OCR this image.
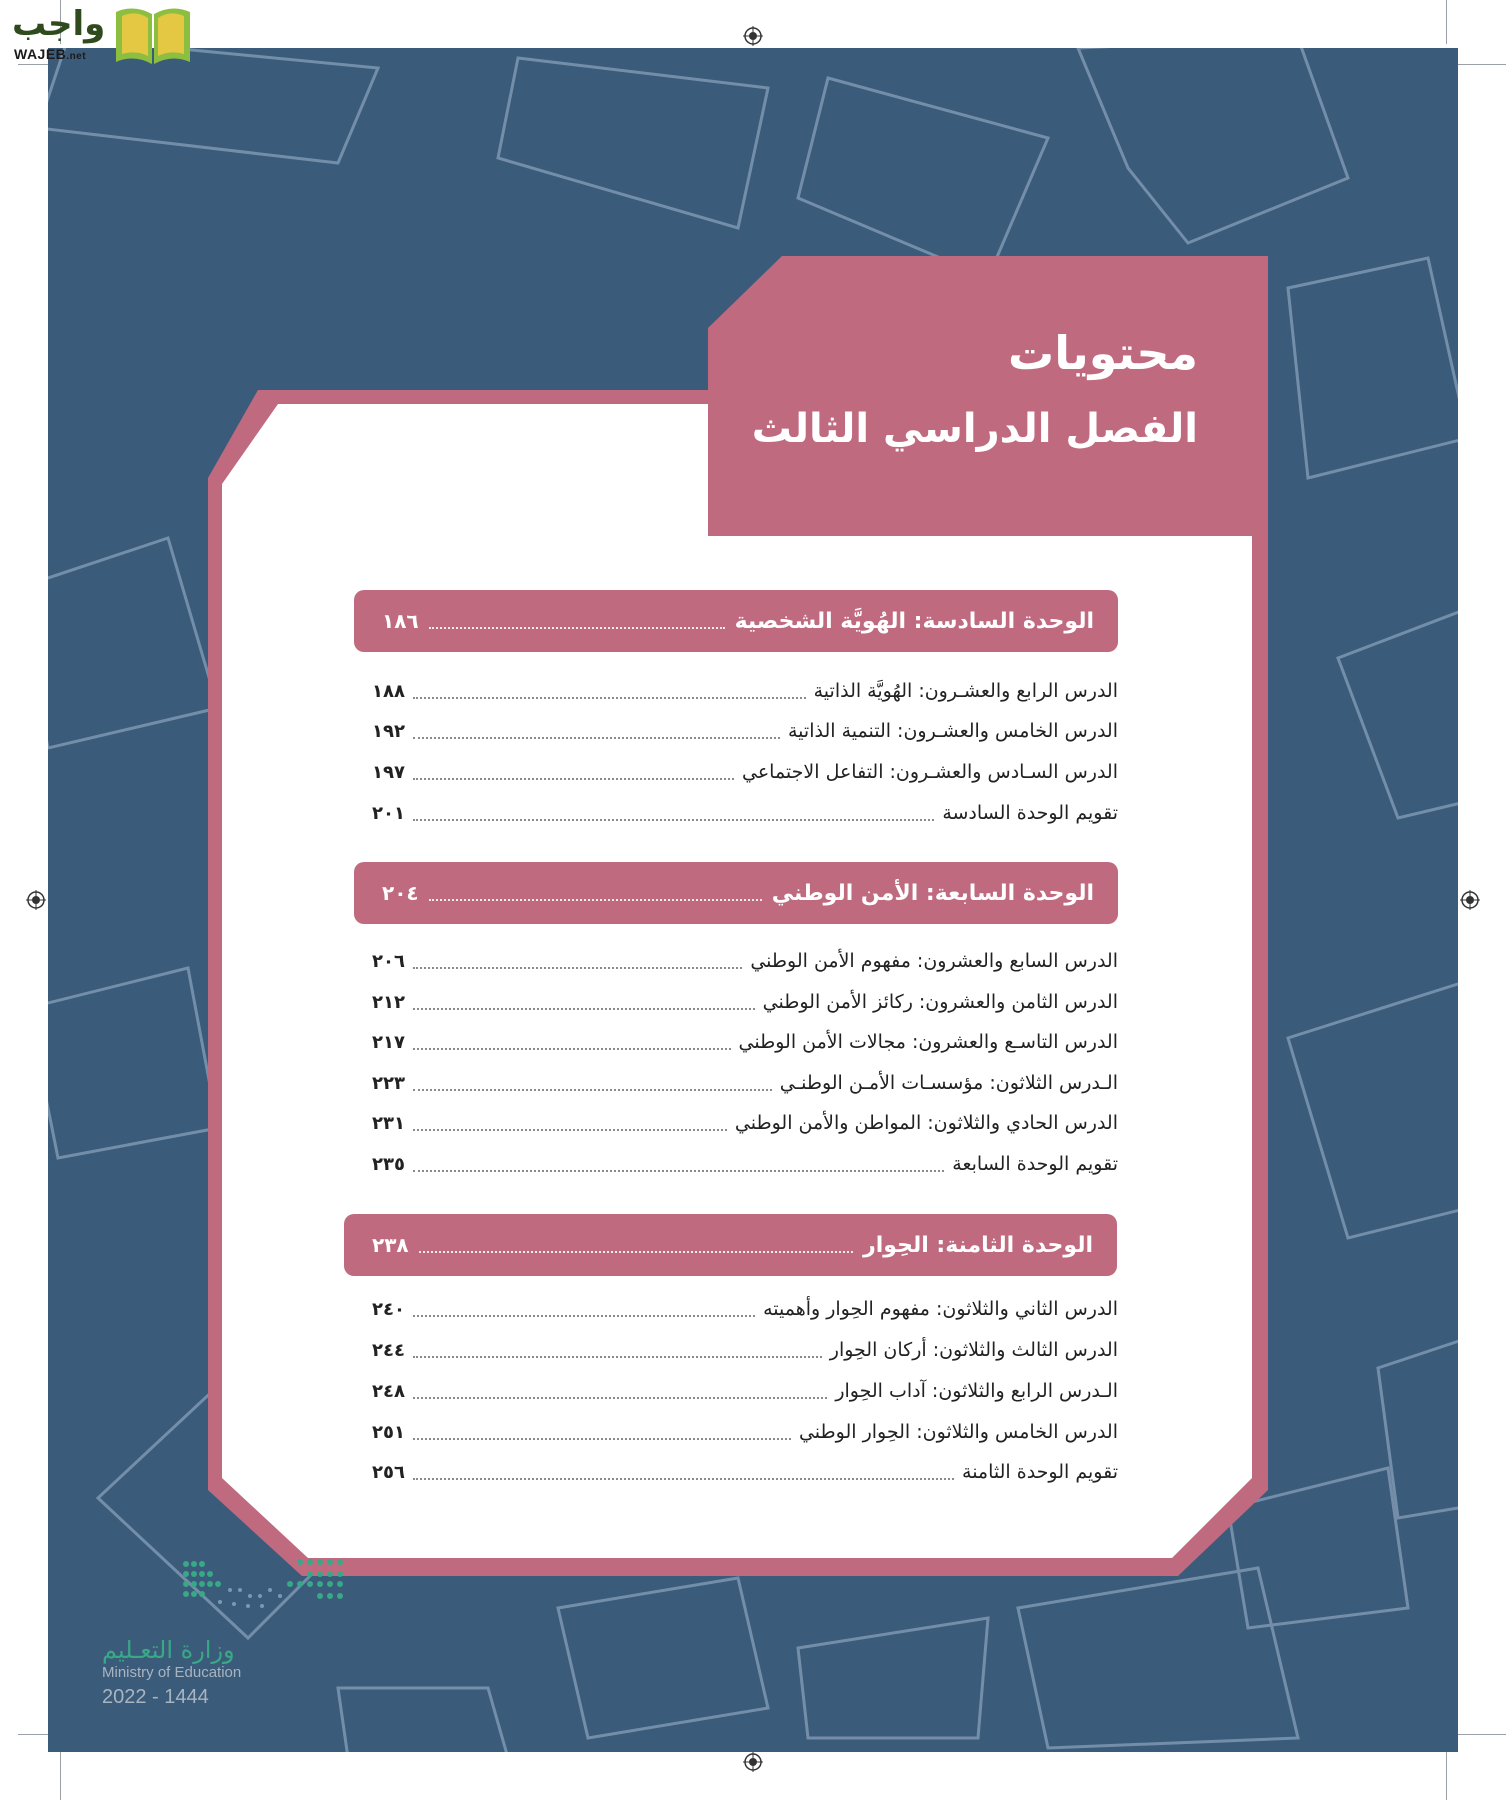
واجب
WAJEB.net
محتويات
الفصل الدراسي الثالث
الوحدة السادسة: الهُويَّة الشخصية
١٨٦
الدرس الرابع والعشـرون: الهُويَّة الذاتية
١٨٨
الدرس الخامس والعشـرون: التنمية الذاتية
١٩٢
الدرس السـادس والعشـرون: التفاعل الاجتماعي
١٩٧
تقويم الوحدة السادسة
٢٠١
الوحدة السابعة: الأمن الوطني
٢٠٤
الدرس السابع والعشرون: مفهوم الأمن الوطني
٢٠٦
الدرس الثامن والعشرون: ركائز الأمن الوطني
٢١٢
الدرس التاسـع والعشرون: مجالات الأمن الوطني
٢١٧
الـدرس الثلاثون: مؤسسـات الأمـن الوطنـي
٢٢٣
الدرس الحادي والثلاثون: المواطن والأمن الوطني
٢٣١
تقويم الوحدة السابعة
٢٣٥
الوحدة الثامنة: الحِوار
٢٣٨
الدرس الثاني والثلاثون: مفهوم الحِوار وأهميته
٢٤٠
الدرس الثالث والثلاثون: أركان الحِوار
٢٤٤
الـدرس الرابع والثلاثون: آداب الحِوار
٢٤٨
الدرس الخامس والثلاثون: الحِوار الوطني
٢٥١
تقويم الوحدة الثامنة
٢٥٦
وزارة التعـليم
Ministry of Education
2022 - 1444
